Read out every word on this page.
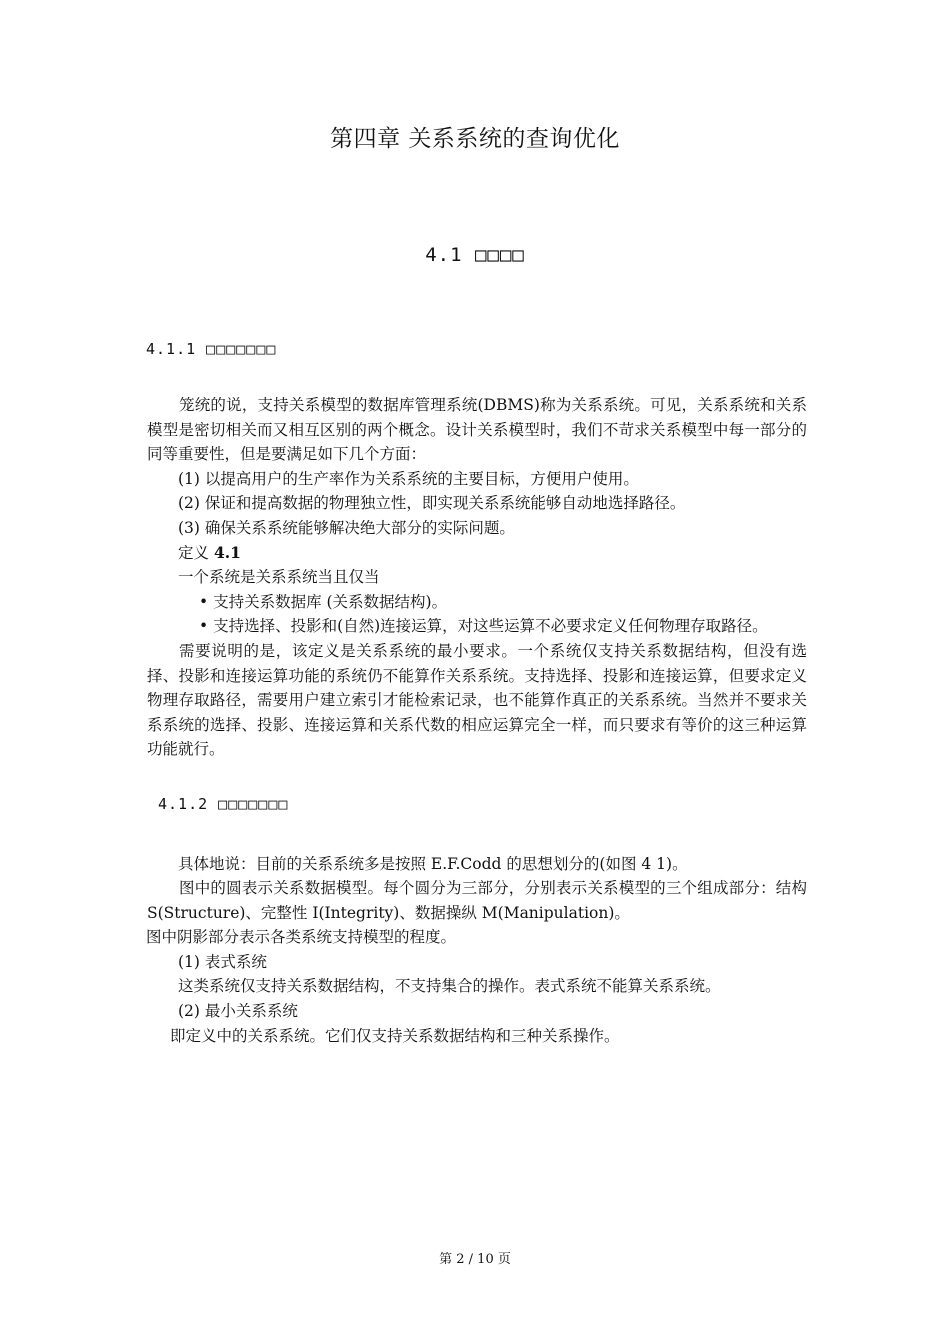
第四章 关系系统的查询优化
4.1 □□□□
4.1.1 □□□□□□□
笼统的说，支持关系模型的数据库管理系统(DBMS)称为关系系统。可见，关系系统和关系模型是密切相关而又相互区别的两个概念。设计关系模型时，我们不苛求关系模型中每一部分的同等重要性，但是要满足如下几个方面：
(1) 以提高用户的生产率作为关系系统的主要目标，方便用户使用。
(2) 保证和提高数据的物理独立性，即实现关系系统能够自动地选择路径。
(3) 确保关系系统能够解决绝大部分的实际问题。
定义 4.1
一个系统是关系系统当且仅当
• 支持关系数据库 (关系数据结构)。
• 支持选择、投影和(自然)连接运算，对这些运算不必要求定义任何物理存取路径。
需要说明的是，该定义是关系系统的最小要求。一个系统仅支持关系数据结构，但没有选择、投影和连接运算功能的系统仍不能算作关系系统。支持选择、投影和连接运算，但要求定义物理存取路径，需要用户建立索引才能检索记录，也不能算作真正的关系系统。当然并不要求关系系统的选择、投影、连接运算和关系代数的相应运算完全一样，而只要求有等价的这三种运算功能就行。
4.1.2 □□□□□□□
具体地说：目前的关系系统多是按照 E.F.Codd 的思想划分的(如图 4 1)。
图中的圆表示关系数据模型。每个圆分为三部分，分别表示关系模型的三个组成部分：结构 S(Structure)、完整性 I(Integrity)、数据操纵 M(Manipulation)。
图中阴影部分表示各类系统支持模型的程度。
(1) 表式系统
这类系统仅支持关系数据结构，不支持集合的操作。表式系统不能算关系系统。
(2) 最小关系系统
即定义中的关系系统。它们仅支持关系数据结构和三种关系操作。
第 2 / 10 页
